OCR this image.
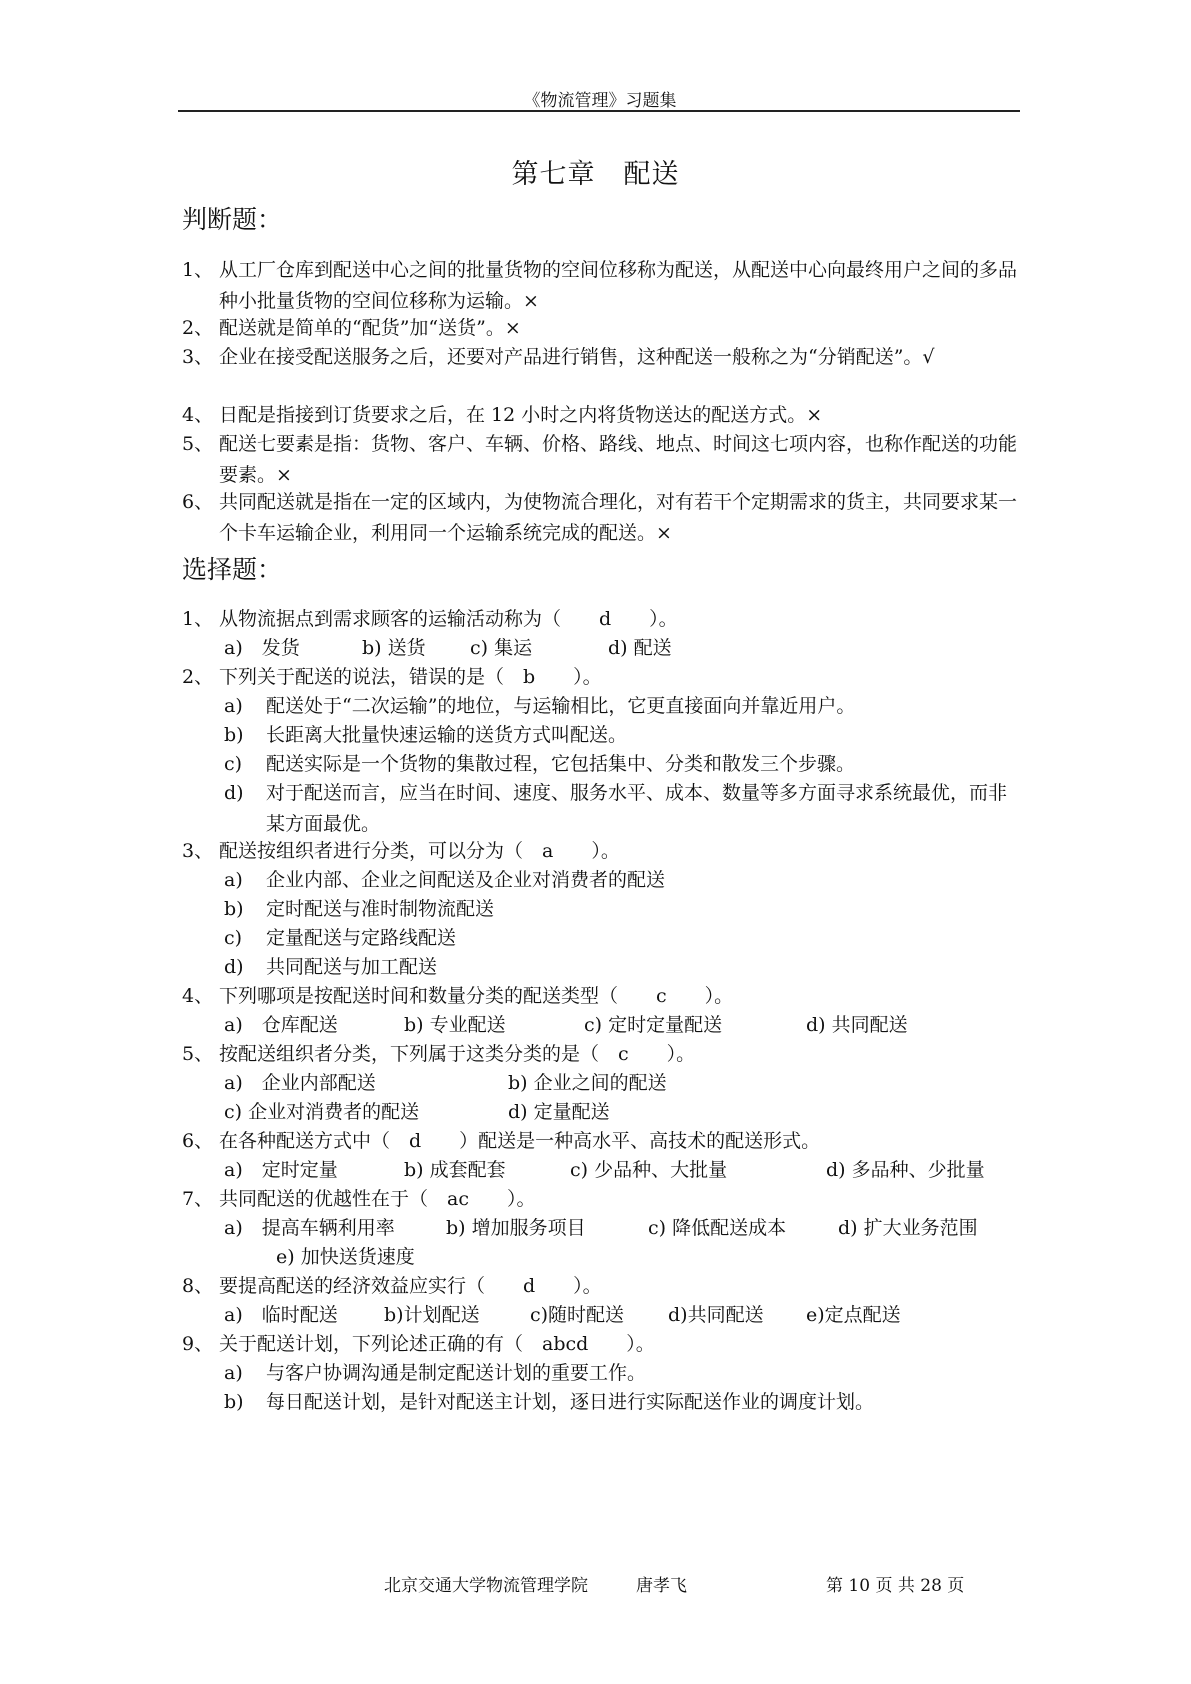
《物流管理》习题集
第七章　配送
判断题：
1、 从工厂仓库到配送中心之间的批量货物的空间位移称为配送，从配送中心向最终用户之间的多品种小批量货物的空间位移称为运输。×
2、 配送就是简单的“配货”加“送货”。×
3、 企业在接受配送服务之后，还要对产品进行销售，这种配送一般称之为“分销配送”。√
4、 日配是指接到订货要求之后，在 12 小时之内将货物送达的配送方式。×
5、 配送七要素是指：货物、客户、车辆、价格、路线、地点、时间这七项内容，也称作配送的功能要素。×
6、 共同配送就是指在一定的区域内，为使物流合理化，对有若干个定期需求的货主，共同要求某一个卡车运输企业，利用同一个运输系统完成的配送。×
选择题：
1、 从物流据点到需求顾客的运输活动称为（　　d　　）。
a)　发货	b) 送货 c) 集运	d) 配送
2、 下列关于配送的说法，错误的是（　b　　）。
a) 配送处于“二次运输”的地位，与运输相比，它更直接面向并靠近用户。
b) 长距离大批量快速运输的送货方式叫配送。
c) 配送实际是一个货物的集散过程，它包括集中、分类和散发三个步骤。
d) 对于配送而言，应当在时间、速度、服务水平、成本、数量等多方面寻求系统最优，而非某方面最优。
3、 配送按组织者进行分类，可以分为（　a　　）。
a) 企业内部、企业之间配送及企业对消费者的配送
b) 定时配送与准时制物流配送
c) 定量配送与定路线配送
d) 共同配送与加工配送
4、 下列哪项是按配送时间和数量分类的配送类型（　　c　　）。
a)　仓库配送	b) 专业配送	c) 定时定量配送	d) 共同配送
5、 按配送组织者分类，下列属于这类分类的是（　c　　）。
a)　企业内部配送	b) 企业之间的配送
c) 企业对消费者的配送	d) 定量配送
6、 在各种配送方式中（　d　　）配送是一种高水平、高技术的配送形式。
a)　定时定量	b) 成套配套	c) 少品种、大批量	d) 多品种、少批量
7、 共同配送的优越性在于（　ac　　）。
a)　提高车辆利用率	b) 增加服务项目	c) 降低配送成本	d) 扩大业务范围
e) 加快送货速度
8、 要提高配送的经济效益应实行（　　d　　）。
a)　临时配送 b)计划配送	c)随时配送 d)共同配送 e)定点配送
9、 关于配送计划，下列论述正确的有（　abcd　　）。
a) 与客户协调沟通是制定配送计划的重要工作。
b) 每日配送计划，是针对配送主计划，逐日进行实际配送作业的调度计划。
北京交通大学物流管理学院	唐孝飞	第 10 页 共 28 页
